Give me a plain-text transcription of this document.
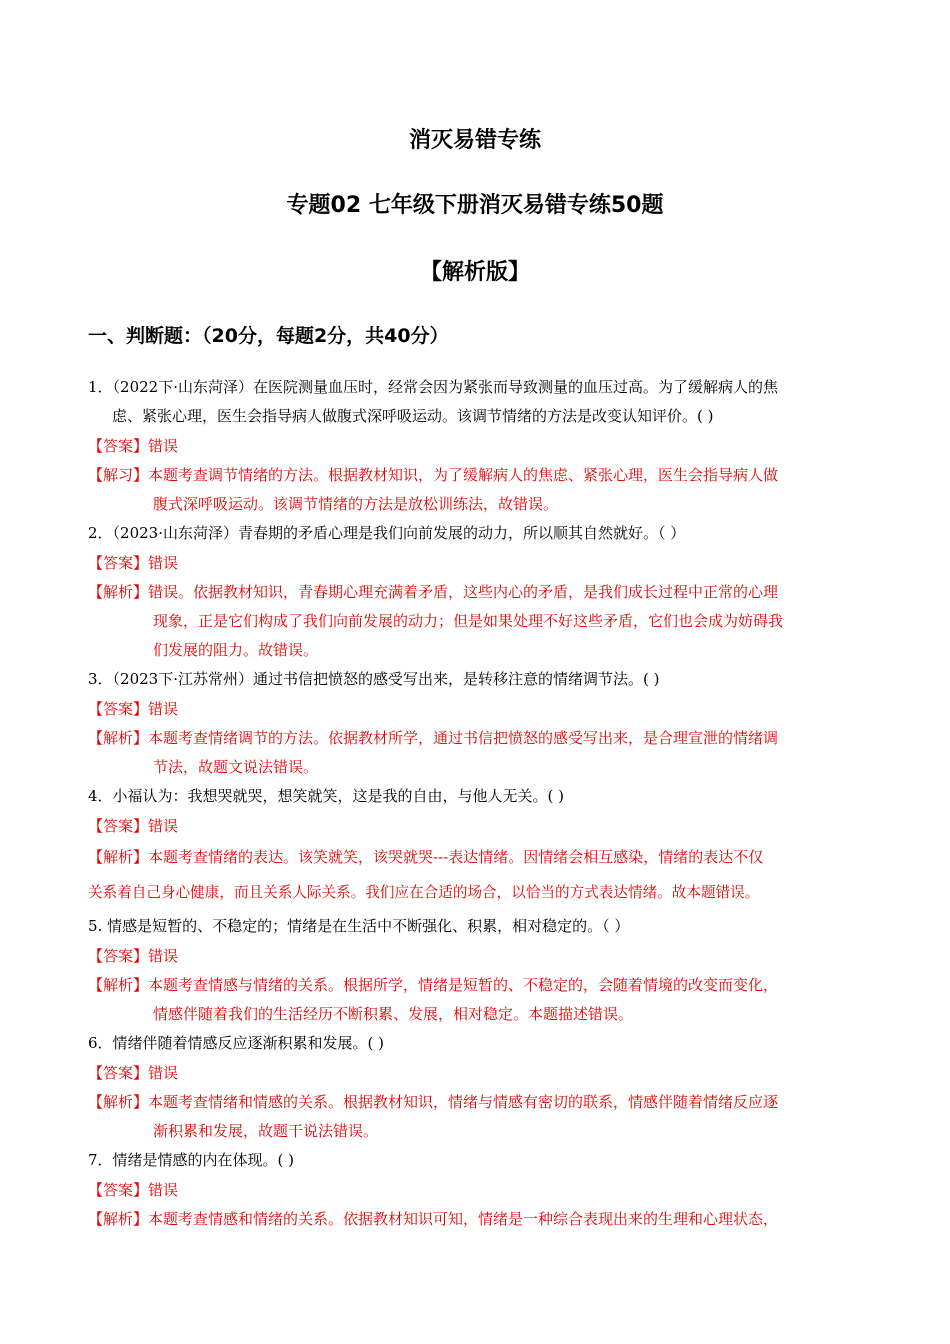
消灭易错专练
专题02 七年级下册消灭易错专练50题
【解析版】
一、判断题：（20分，每题2分，共40分）
1．（2022下·山东菏泽）在医院测量血压时，经常会因为紧张而导致测量的血压过高。为了缓解病人的焦
虑、紧张心理，医生会指导病人做腹式深呼吸运动。该调节情绪的方法是改变认知评价。( )
【答案】错误
【解习】本题考查调节情绪的方法。根据教材知识，为了缓解病人的焦虑、紧张心理，医生会指导病人做
腹式深呼吸运动。该调节情绪的方法是放松训练法，故错误。
2．（2023·山东菏泽）青春期的矛盾心理是我们向前发展的动力，所以顺其自然就好。（ ）
【答案】错误
【解析】错误。依据教材知识，青春期心理充满着矛盾，这些内心的矛盾，是我们成长过程中正常的心理
现象，正是它们构成了我们向前发展的动力；但是如果处理不好这些矛盾，它们也会成为妨碍我
们发展的阻力。故错误。
3．（2023下·江苏常州）通过书信把愤怒的感受写出来，是转移注意的情绪调节法。( )
【答案】错误
【解析】本题考查情绪调节的方法。依据教材所学，通过书信把愤怒的感受写出来，是合理宣泄的情绪调
节法，故题文说法错误。
4．小福认为：我想哭就哭，想笑就笑，这是我的自由，与他人无关。( )
【答案】错误
【解析】本题考查情绪的表达。该笑就笑，该哭就哭---表达情绪。因情绪会相互感染，情绪的表达不仅
关系着自己身心健康，而且关系人际关系。我们应在合适的场合，以恰当的方式表达情绪。故本题错误。
5. 情感是短暂的、不稳定的；情绪是在生活中不断强化、积累，相对稳定的。（ ）
【答案】错误
【解析】本题考查情感与情绪的关系。根据所学，情绪是短暂的、不稳定的，会随着情境的改变而变化，
情感伴随着我们的生活经历不断积累、发展，相对稳定。本题描述错误。
6．情绪伴随着情感反应逐渐积累和发展。( )
【答案】错误
【解析】本题考查情绪和情感的关系。根据教材知识，情绪与情感有密切的联系，情感伴随着情绪反应逐
渐积累和发展，故题干说法错误。
7．情绪是情感的内在体现。( )
【答案】错误
【解析】本题考查情感和情绪的关系。依据教材知识可知，情绪是一种综合表现出来的生理和心理状态，
